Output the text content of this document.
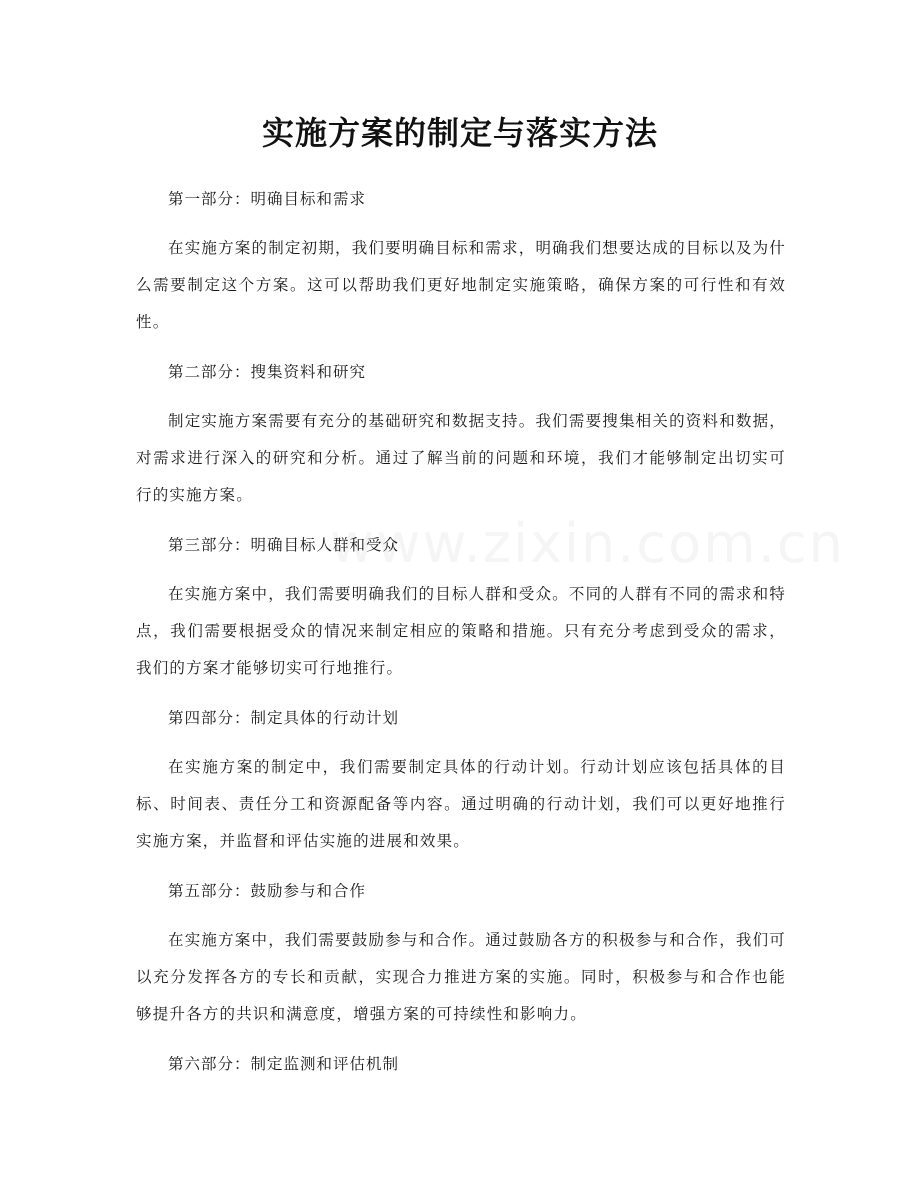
www.zixin.com.cn
实施方案的制定与落实方法

第一部分：明确目标和需求

在实施方案的制定初期，我们要明确目标和需求，明确我们想要达成的目标以及为什么需要制定这个方案。这可以帮助我们更好地制定实施策略，确保方案的可行性和有效性。

第二部分：搜集资料和研究

制定实施方案需要有充分的基础研究和数据支持。我们需要搜集相关的资料和数据，对需求进行深入的研究和分析。通过了解当前的问题和环境，我们才能够制定出切实可行的实施方案。

第三部分：明确目标人群和受众

在实施方案中，我们需要明确我们的目标人群和受众。不同的人群有不同的需求和特点，我们需要根据受众的情况来制定相应的策略和措施。只有充分考虑到受众的需求，我们的方案才能够切实可行地推行。

第四部分：制定具体的行动计划

在实施方案的制定中，我们需要制定具体的行动计划。行动计划应该包括具体的目标、时间表、责任分工和资源配备等内容。通过明确的行动计划，我们可以更好地推行实施方案，并监督和评估实施的进展和效果。

第五部分：鼓励参与和合作

在实施方案中，我们需要鼓励参与和合作。通过鼓励各方的积极参与和合作，我们可以充分发挥各方的专长和贡献，实现合力推进方案的实施。同时，积极参与和合作也能够提升各方的共识和满意度，增强方案的可持续性和影响力。

第六部分：制定监测和评估机制
